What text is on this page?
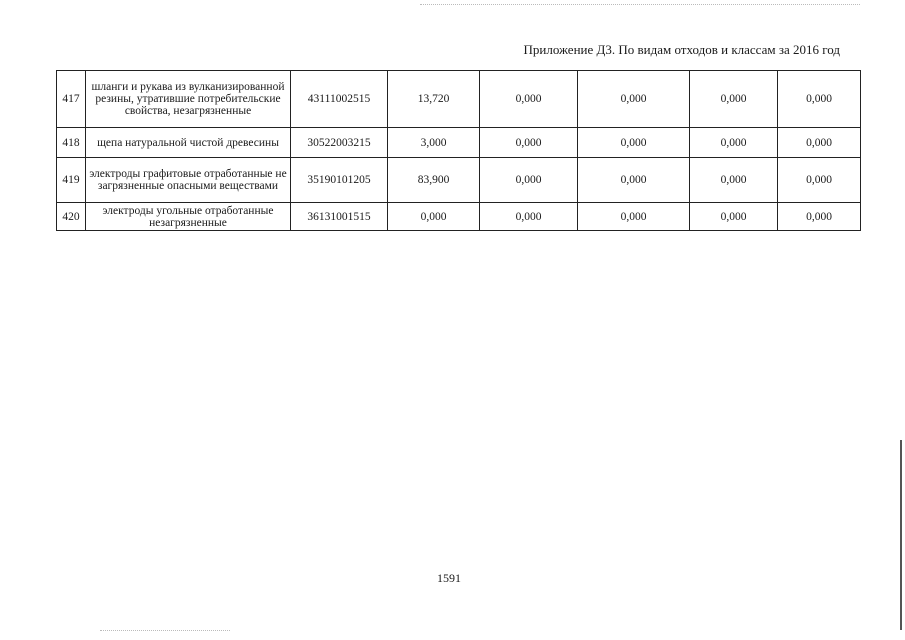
Приложение Д3. По видам отходов и классам за 2016 год
417	шланги и рукава из вулканизированной резины, утратившие потребительские свойства, незагрязненные	43111002515	13,720	0,000	0,000	0,000	0,000
418	щепа натуральной чистой древесины	30522003215	3,000	0,000	0,000	0,000	0,000
419	электроды графитовые отработанные не загрязненные опасными веществами	35190101205	83,900	0,000	0,000	0,000	0,000
420	электроды угольные отработанные незагрязненные	36131001515	0,000	0,000	0,000	0,000	0,000
1591
